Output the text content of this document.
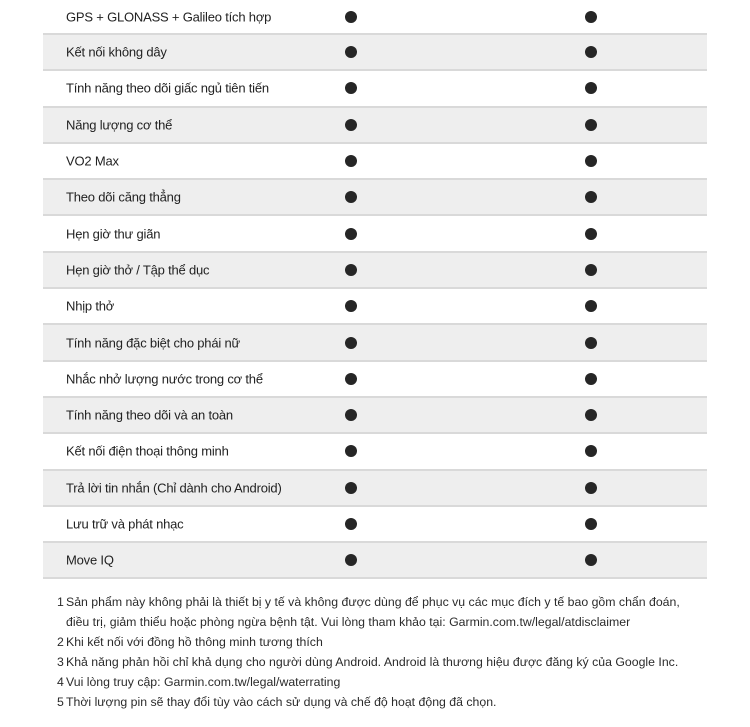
GPS + GLONASS + Galileo tích hợp
Kết nối không dây
Tính năng theo dõi giấc ngủ tiên tiến
Năng lượng cơ thể
VO2 Max
Theo dõi căng thẳng
Hẹn giờ thư giãn
Hẹn giờ thở / Tập thể dục
Nhịp thở
Tính năng đặc biệt cho phái nữ
Nhắc nhở lượng nước trong cơ thể
Tính năng theo dõi và an toàn
Kết nối điện thoại thông minh
Trả lời tin nhắn (Chỉ dành cho Android)
Lưu trữ và phát nhạc
Move IQ
1 Sản phẩm này không phải là thiết bị y tế và không được dùng để phục vụ các mục đích y tế bao gồm chẩn đoán,
điều trị, giảm thiểu hoặc phòng ngừa bệnh tật. Vui lòng tham khảo tại: Garmin.com.tw/legal/atdisclaimer
2 Khi kết nối với đồng hồ thông minh tương thích
3 Khả năng phản hồi chỉ khả dụng cho người dùng Android. Android là thương hiệu được đăng ký của Google Inc.
4 Vui lòng truy cập: Garmin.com.tw/legal/waterrating
5 Thời lượng pin sẽ thay đổi tùy vào cách sử dụng và chế độ hoạt động đã chọn.
